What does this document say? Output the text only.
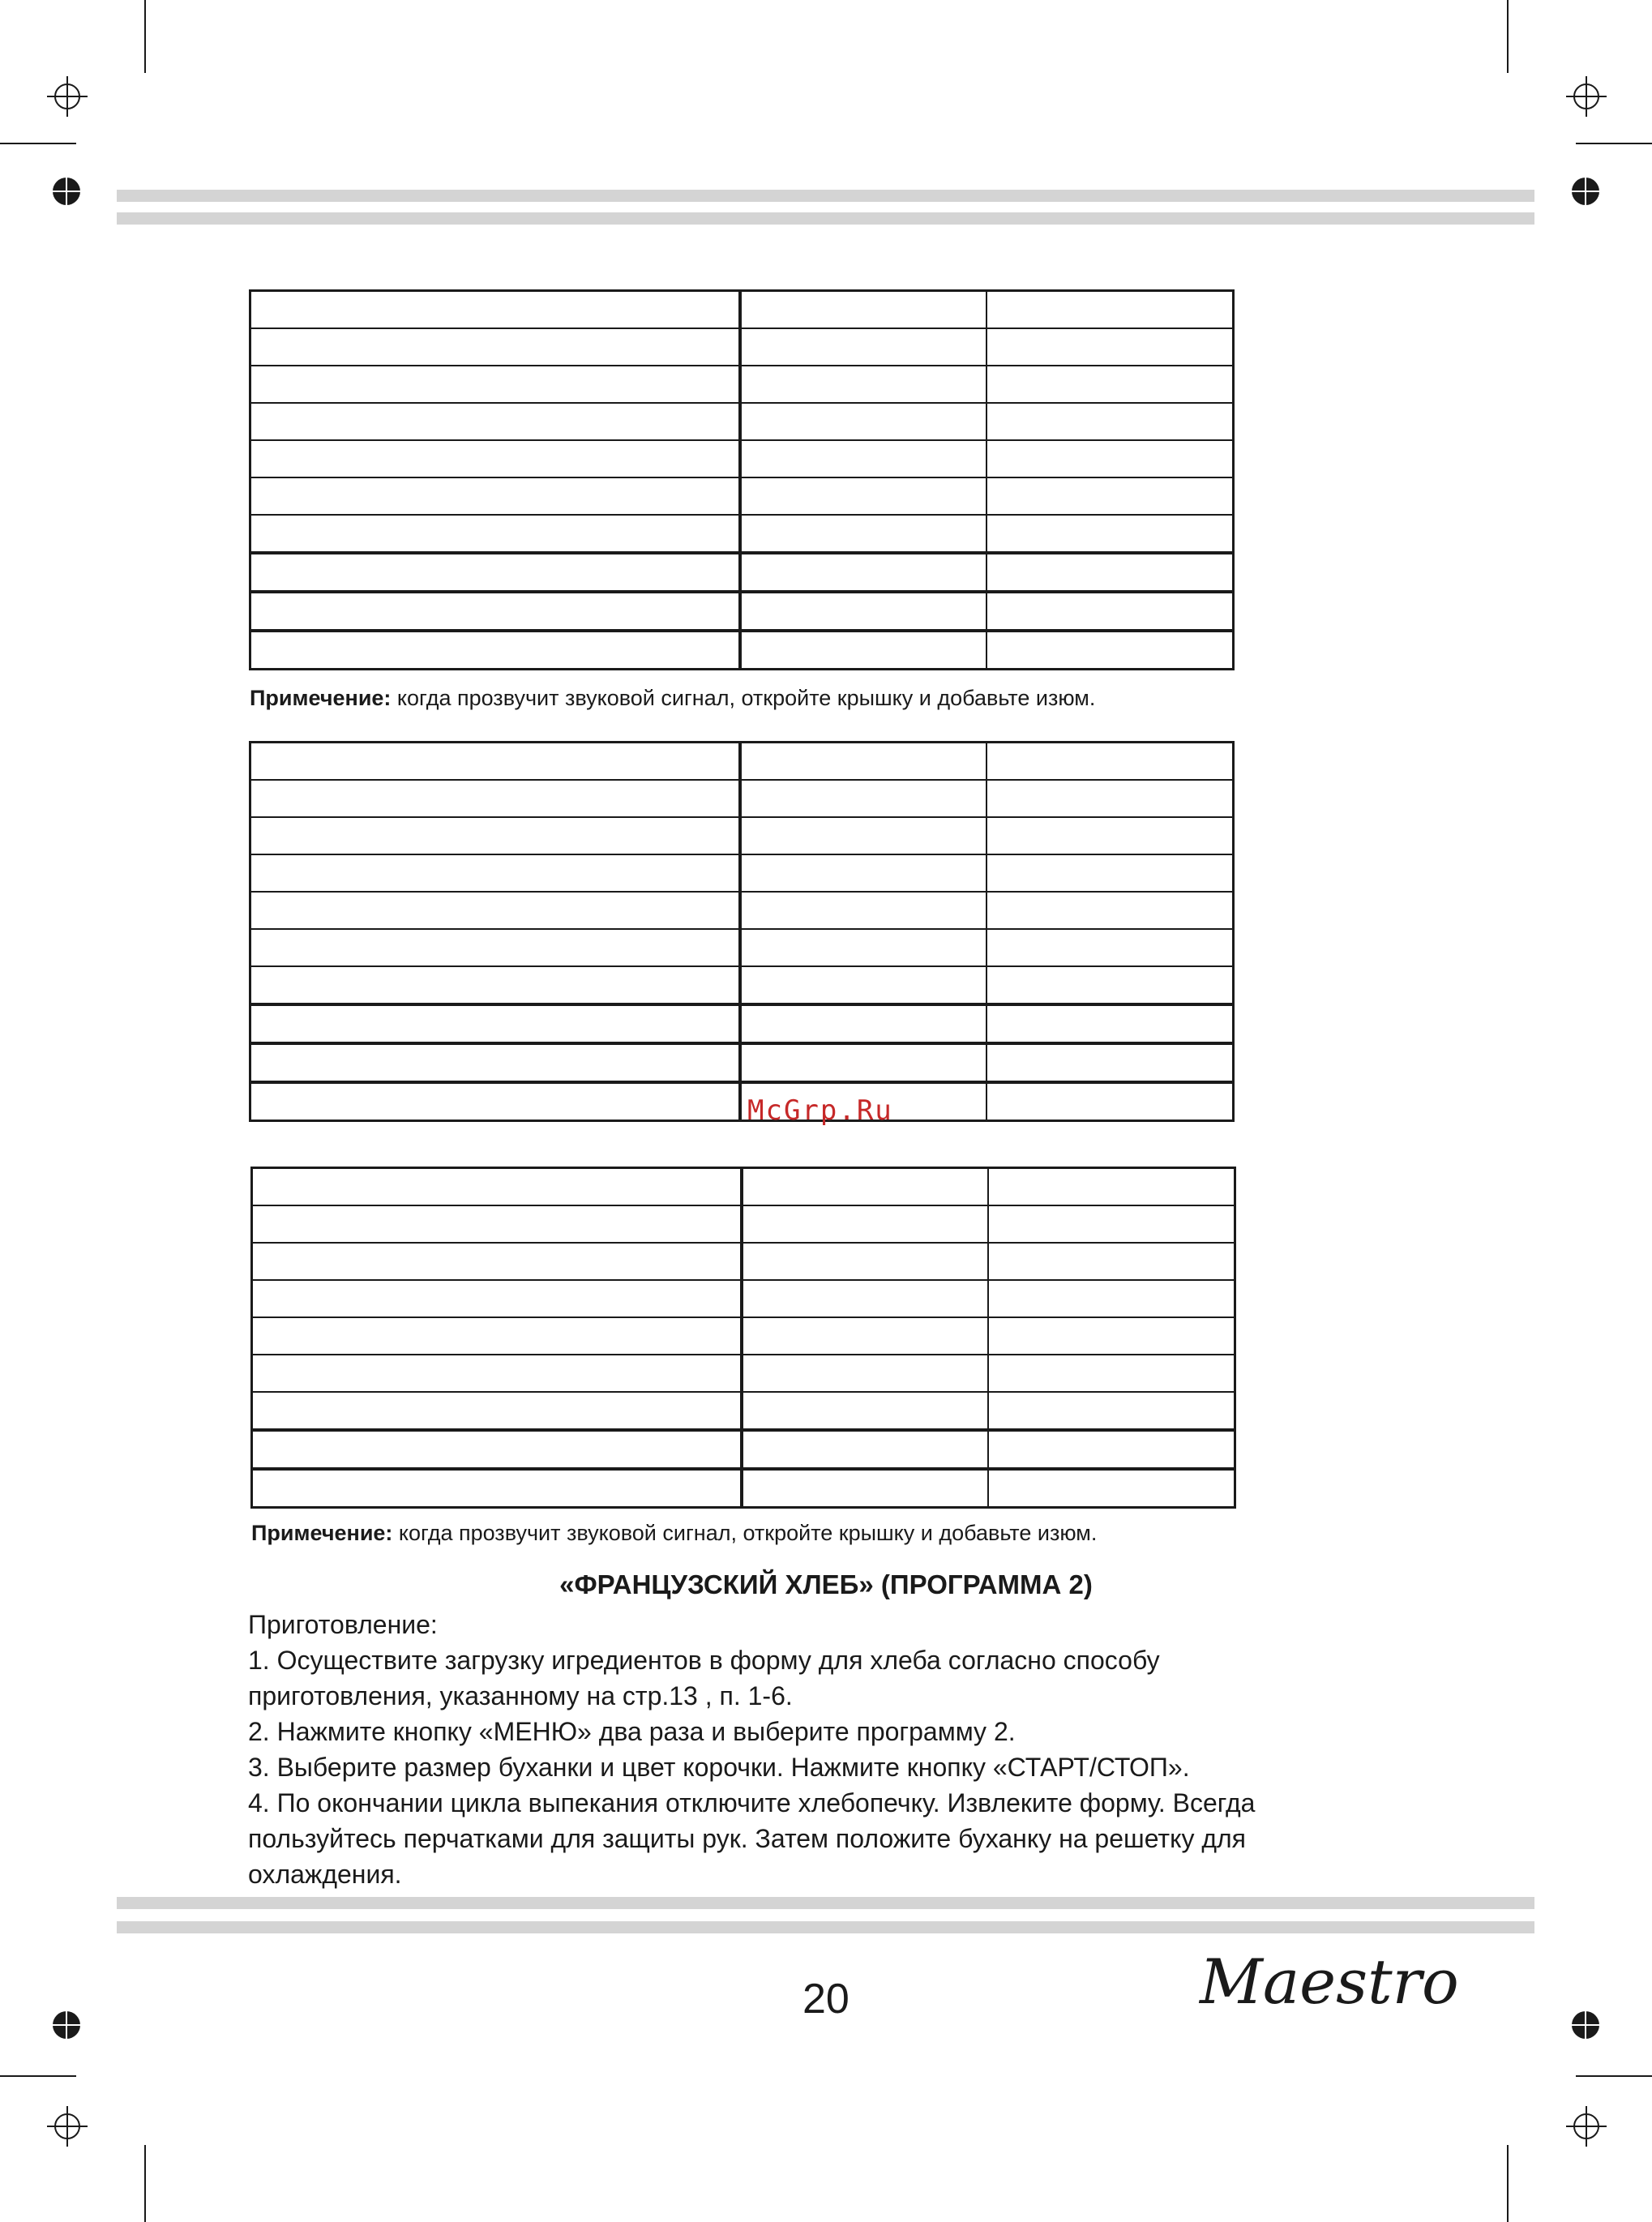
Примечение: когда прозвучит звуковой сигнал, откройте крышку и добавьте изюм.

McGrp.Ru

Примечение: когда прозвучит звуковой сигнал, откройте крышку и добавьте изюм.
«ФРАНЦУЗСКИЙ ХЛЕБ» (ПРОГРАММА 2)
Приготовление:
1. Осуществите загрузку игредиентов в форму для хлеба согласно способу
приготовления, указанному на стр.13 , п. 1-6.
2. Нажмите кнопку «МЕНЮ» два раза и выберите программу 2.
3. Выберите размер буханки и цвет корочки. Нажмите кнопку «СТАРТ/СТОП».
4. По окончании цикла выпекания отключите хлебопечку. Извлеките форму. Всегда
пользуйтесь перчатками для защиты рук. Затем положите буханку на решетку для
охлаждения.
20	Maestro
